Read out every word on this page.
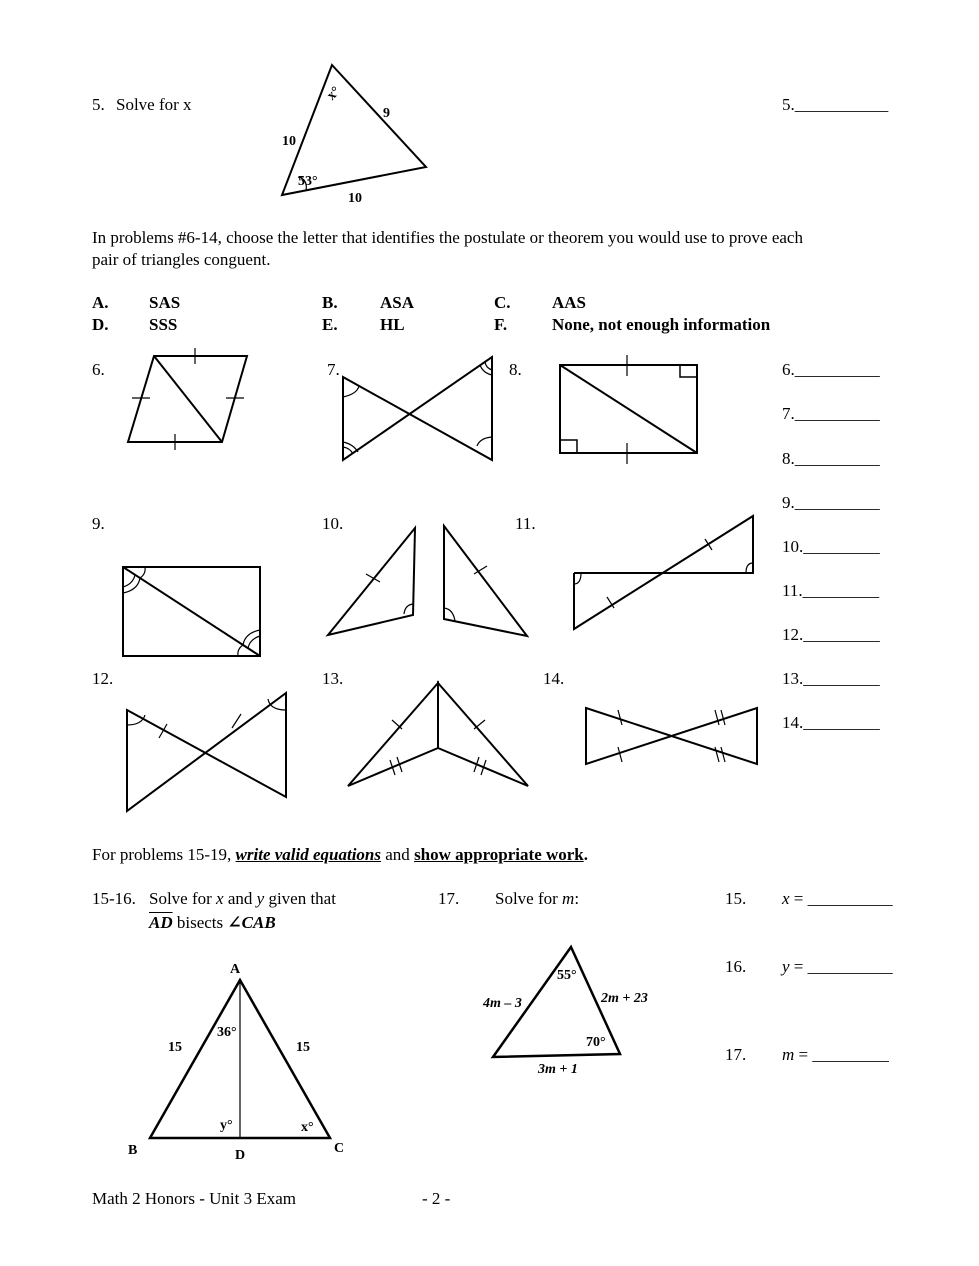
5. Solve for x	5.___________
x°
9
10
53°
10
In problems #6-14, choose the letter that identifies the postulate or theorem you would use to prove each
pair of triangles conguent.
A. SAS	B. ASA	C. AAS
D. SSS	E. HL	F.	None, not enough information
6.	7.	8.
9.	10.	11.
12.	13.	14.
6.__________
7.__________
8.__________
9.__________
10._________
11._________
12._________
13._________
14._________
For problems 15-19, write valid equations and show appropriate work.
15-16. Solve for x and y given that
$\overline{AD}$ bisects ∠CAB
17. Solve for m:	15. x = __________
16. y = __________
17. m = _________
A
B	C
D
15	15
36°
y°	x°
55°
4m – 3	2m + 23
70°
3m + 1
Math 2 Honors - Unit 3 Exam	- 2 -
